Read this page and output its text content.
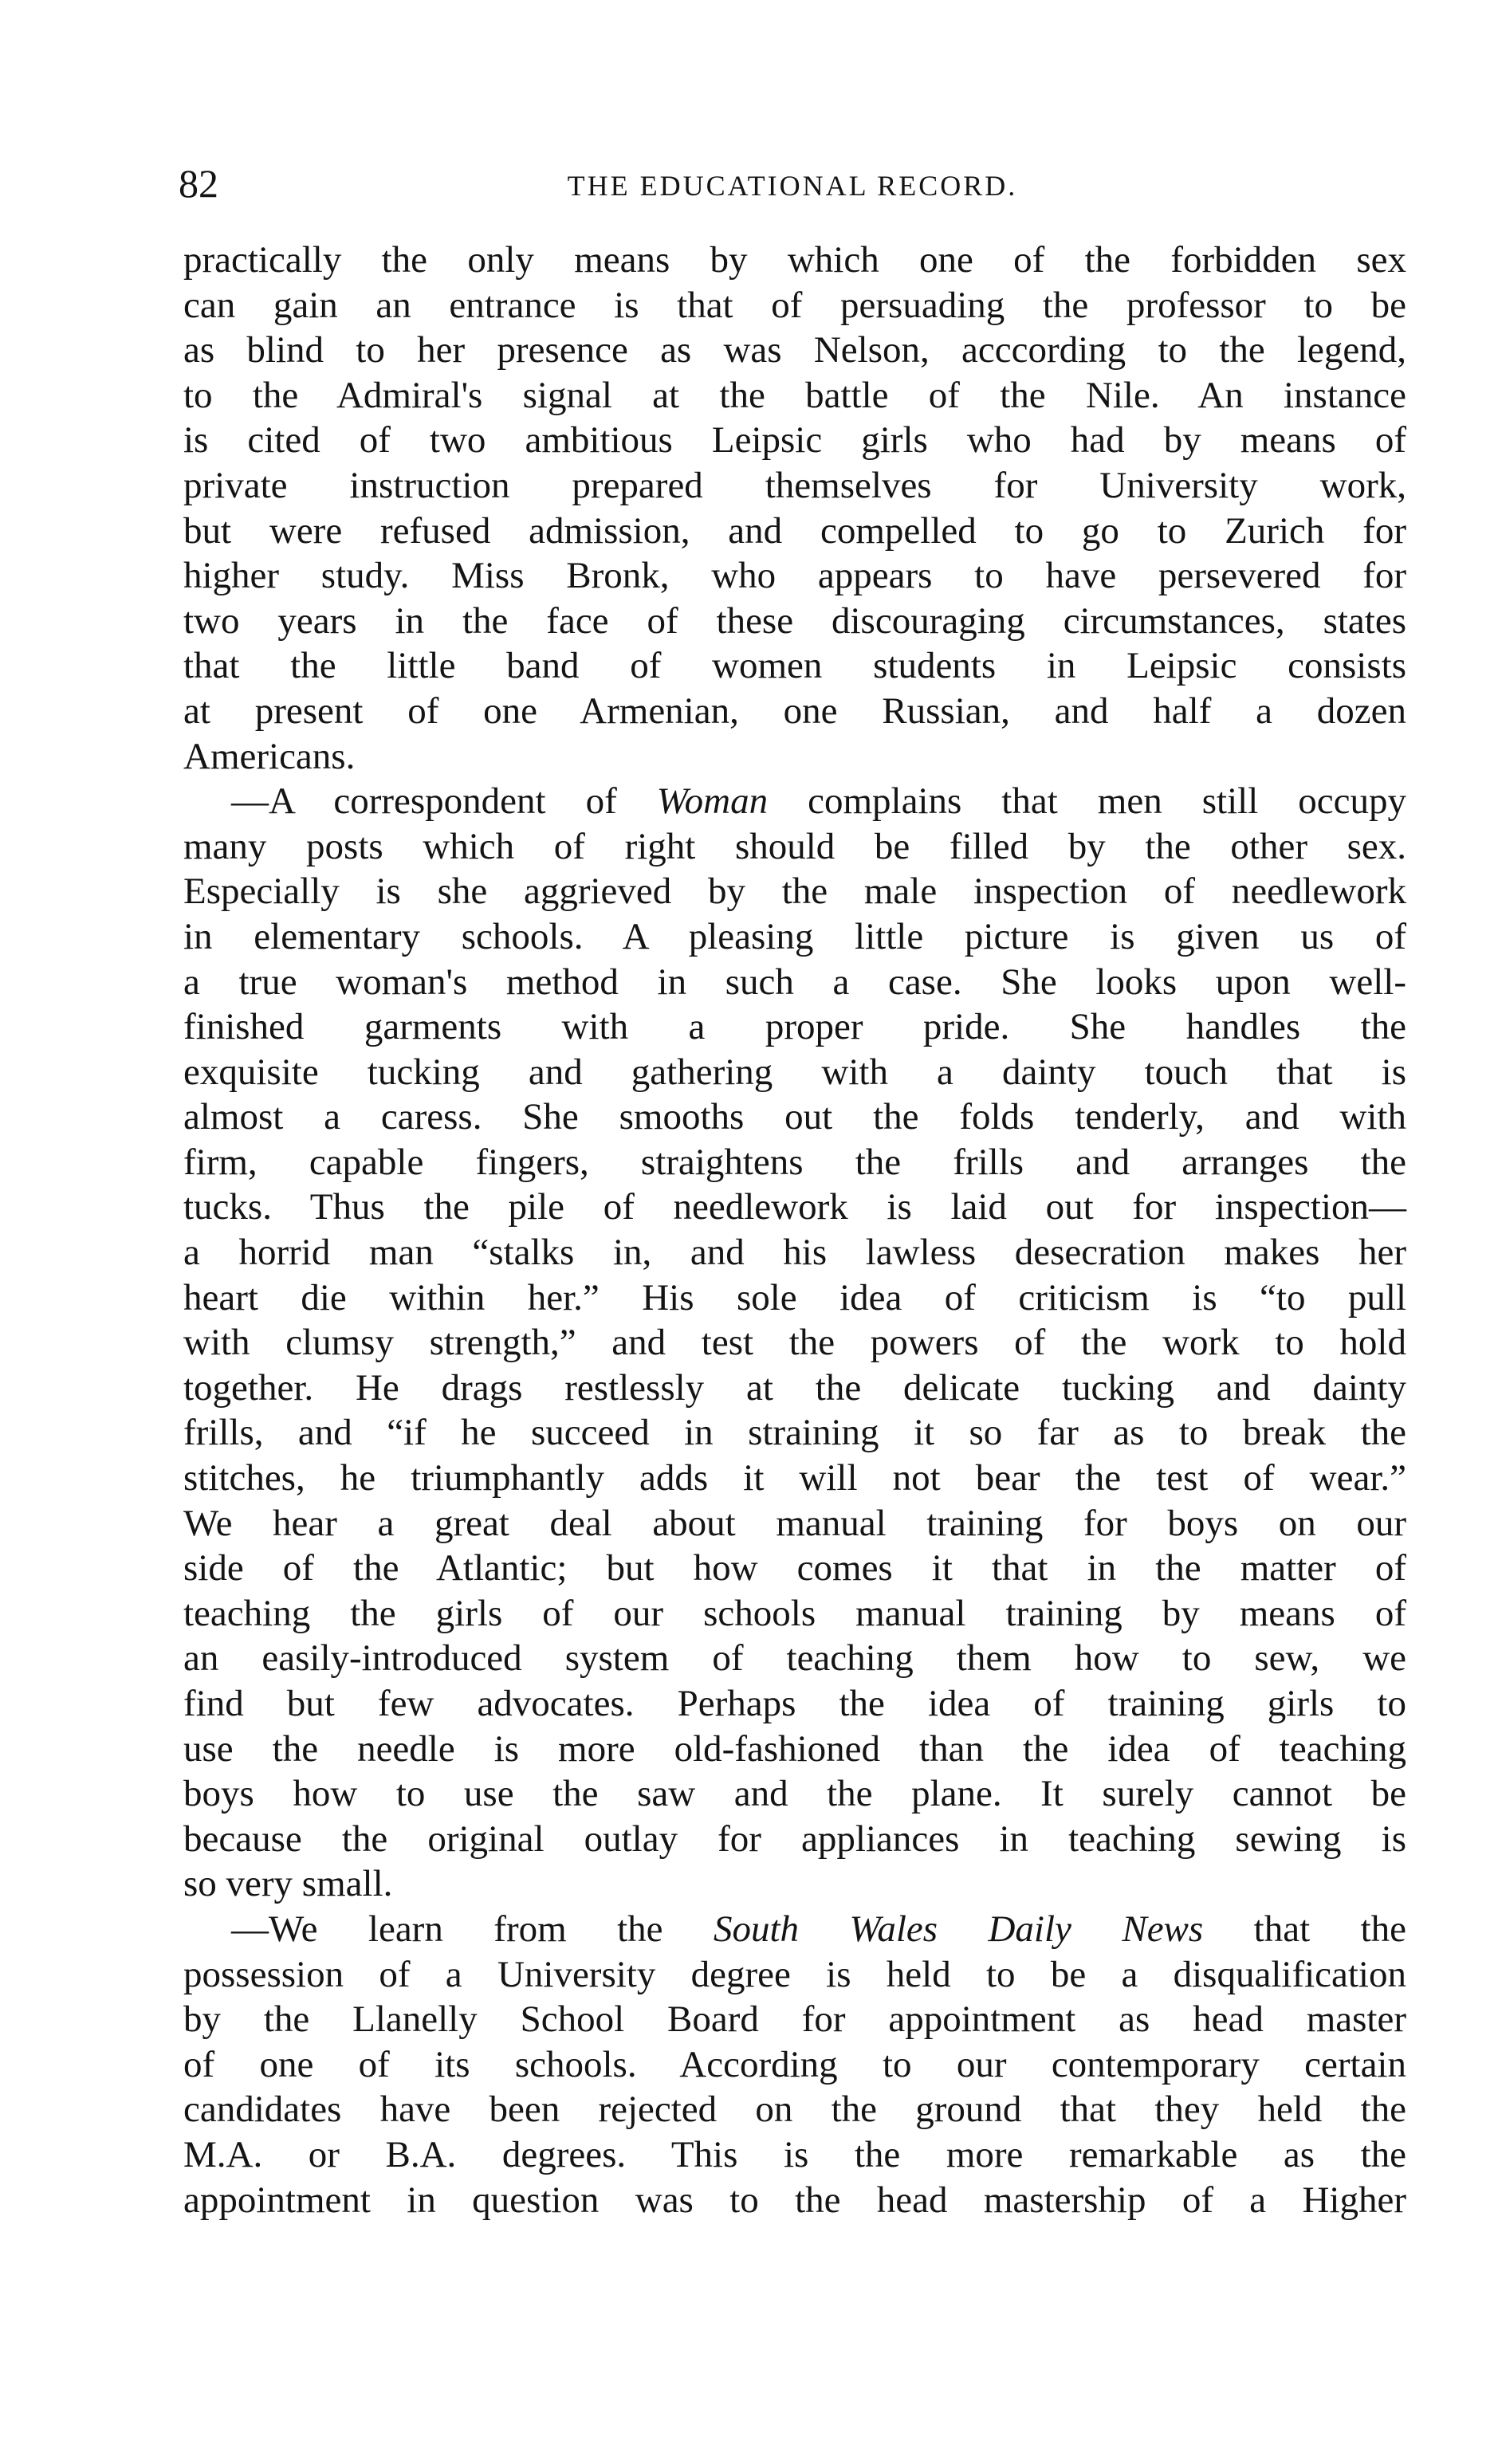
82	THE EDUCATIONAL RECORD.
practically the only means by which one of the forbidden sex
can gain an entrance is that of persuading the professor to be
as blind to her presence as was Nelson, acccording to the legend,
to the Admiral's signal at the battle of the Nile. An instance
is cited of two ambitious Leipsic girls who had by means of
private instruction prepared themselves for University work,
but were refused admission, and compelled to go to Zurich for
higher study. Miss Bronk, who appears to have persevered for
two years in the face of these discouraging circumstances, states
that the little band of women students in Leipsic consists
at present of one Armenian, one Russian, and half a dozen
Americans.
—A correspondent of Woman complains that men still occupy
many posts which of right should be filled by the other sex.
Especially is she aggrieved by the male inspection of needlework
in elementary schools. A pleasing little picture is given us of
a true woman's method in such a case. She looks upon well-
finished garments with a proper pride. She handles the
exquisite tucking and gathering with a dainty touch that is
almost a caress. She smooths out the folds tenderly, and with
firm, capable fingers, straightens the frills and arranges the
tucks. Thus the pile of needlework is laid out for inspection—
a horrid man “stalks in, and his lawless desecration makes her
heart die within her.” His sole idea of criticism is “to pull
with clumsy strength,” and test the powers of the work to hold
together. He drags restlessly at the delicate tucking and dainty
frills, and “if he succeed in straining it so far as to break the
stitches, he triumphantly adds it will not bear the test of wear.”
We hear a great deal about manual training for boys on our
side of the Atlantic; but how comes it that in the matter of
teaching the girls of our schools manual training by means of
an easily-introduced system of teaching them how to sew, we
find but few advocates. Perhaps the idea of training girls to
use the needle is more old-fashioned than the idea of teaching
boys how to use the saw and the plane. It surely cannot be
because the original outlay for appliances in teaching sewing is
so very small.
—We learn from the South Wales Daily News that the
possession of a University degree is held to be a disqualification
by the Llanelly School Board for appointment as head master
of one of its schools. According to our contemporary certain
candidates have been rejected on the ground that they held the
M.A. or B.A. degrees. This is the more remarkable as the
appointment in question was to the head mastership of a Higher
